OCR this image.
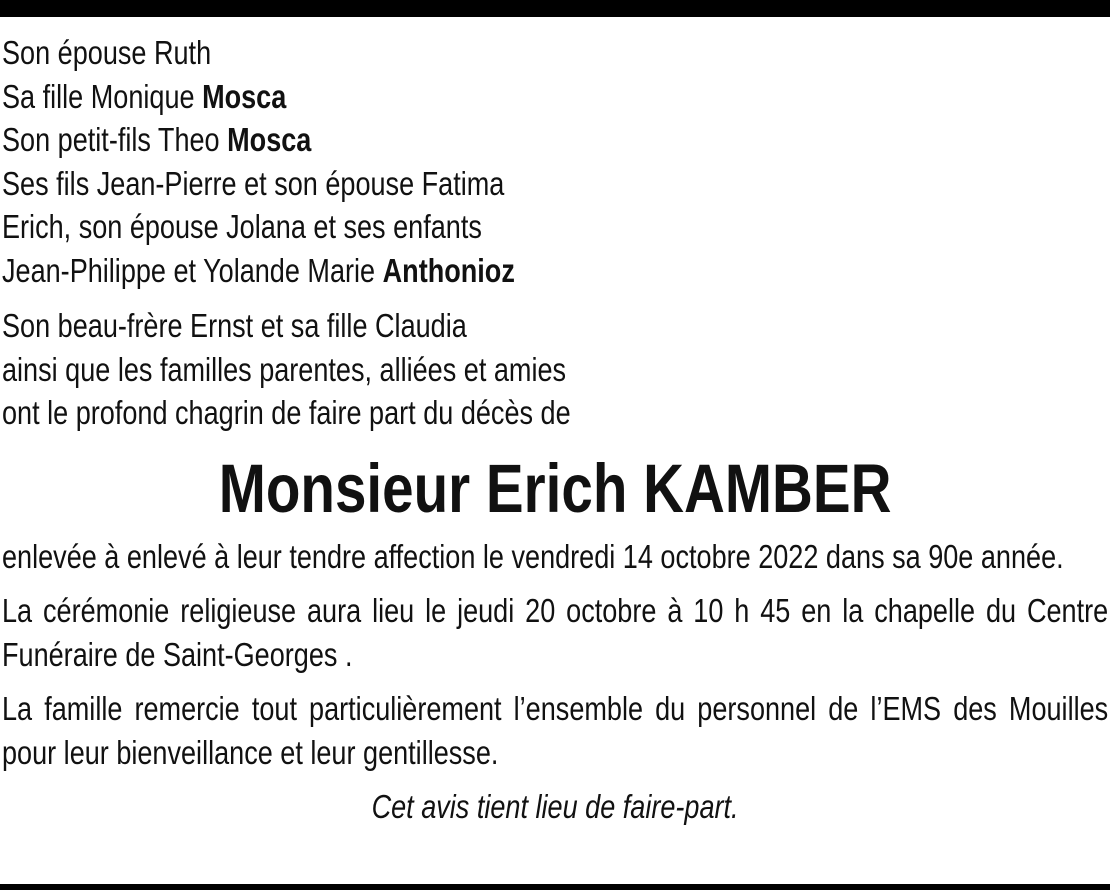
Son épouse Ruth
Sa fille Monique Mosca
Son petit-fils Theo Mosca
Ses fils Jean-Pierre et son épouse Fatima
Erich, son épouse Jolana et ses enfants
Jean-Philippe et Yolande Marie Anthonioz
Son beau-frère Ernst et sa fille Claudia
ainsi que les familles parentes, alliées et amies
ont le profond chagrin de faire part du décès de
Monsieur Erich KAMBER
enlevée à enlevé à leur tendre affection le vendredi 14 octobre 2022 dans sa 90e année.
La cérémonie religieuse aura lieu le jeudi 20 octobre à 10 h 45 en la chapelle du Centre Funéraire de Saint-Georges .
La famille remercie tout particulièrement l’ensemble du personnel de l’EMS des Mouilles pour leur bienveillance et leur gentillesse.
Cet avis tient lieu de faire-part.
